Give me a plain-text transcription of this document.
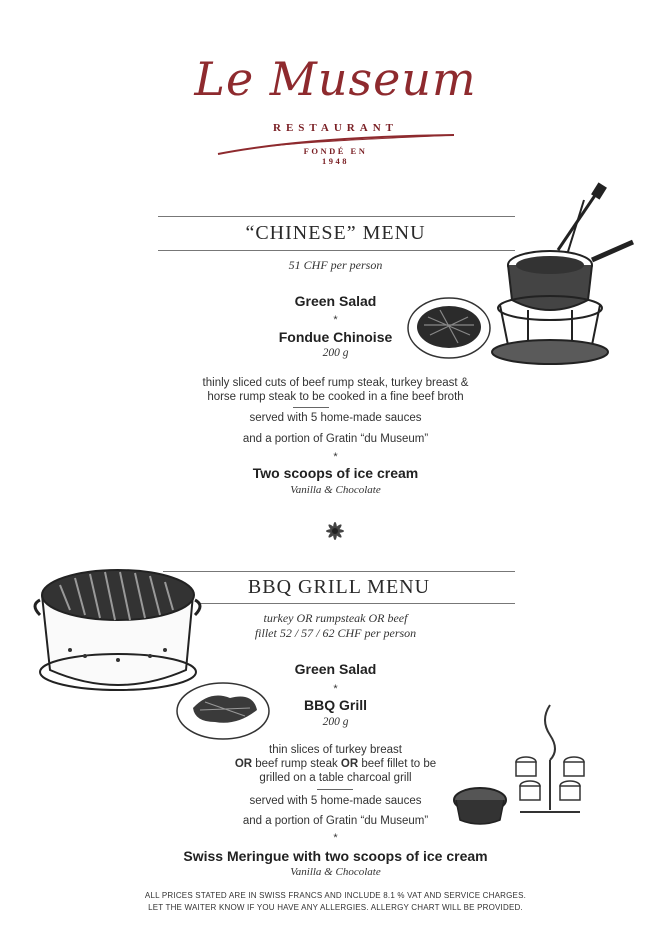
Le Museum
RESTAURANT
FONDÉ EN
1948
“CHINESE” MENU
51 CHF per person
Green Salad
*
Fondue Chinoise
200 g
thinly sliced cuts of beef rump steak, turkey breast &
horse rump steak to be cooked in a fine beef broth
served with 5 home-made sauces
and a portion of Gratin “du Museum”
*
Two scoops of ice cream
Vanilla & Chocolate
BBQ GRILL MENU
turkey OR rumpsteak OR beef
fillet 52 / 57 / 62 CHF per person
Green Salad
*
BBQ Grill
200 g
thin slices of turkey breast
OR beef rump steak OR beef fillet to be
grilled on a table charcoal grill
served with 5 home-made sauces
and a portion of Gratin “du Museum”
*
Swiss Meringue with two scoops of ice cream
Vanilla & Chocolate
ALL PRICES STATED ARE IN SWISS FRANCS AND INCLUDE 8.1 % VAT AND SERVICE CHARGES.
LET THE WAITER KNOW IF YOU HAVE ANY ALLERGIES. ALLERGY CHART WILL BE PROVIDED.
